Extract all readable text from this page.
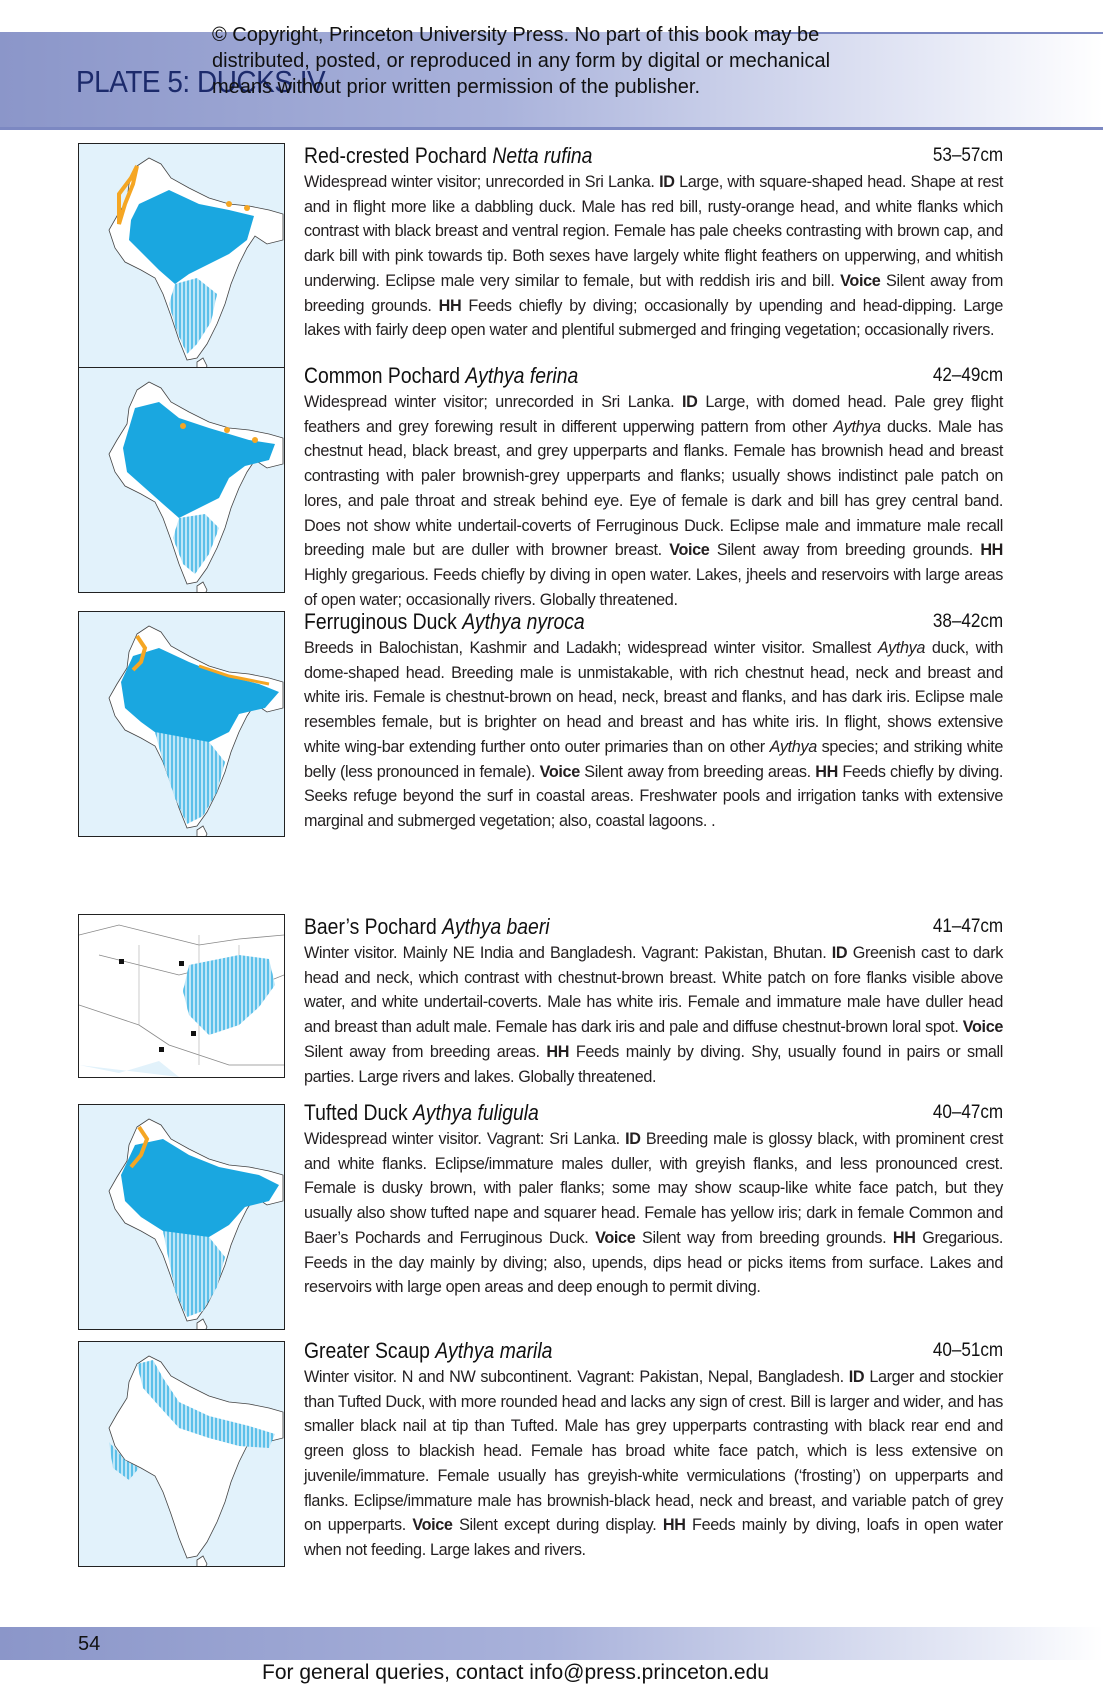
PLATE 5: DUCKS IV
© Copyright, Princeton University Press. No part of this book may be
distributed, posted, or reproduced in any form by digital or mechanical
means without prior written permission of the publisher.
Red-crested Pochard Netta rufina	53–57cm

Widespread winter visitor; unrecorded in Sri Lanka. ID Large, with square-shaped head. Shape at rest and in flight more like a dabbling duck. Male has red bill, rusty-orange head, and white flanks which contrast with black breast and ventral region. Female has pale cheeks contrasting with brown cap, and dark bill with pink towards tip. Both sexes have largely white flight feathers on upperwing, and whitish underwing. Eclipse male very similar to female, but with reddish iris and bill. Voice Silent away from breeding grounds. HH Feeds chiefly by diving; occasionally by upending and head-dipping. Large lakes with fairly deep open water and plentiful submerged and fringing vegetation; occasionally rivers.

Common Pochard Aythya ferina	42–49cm

Widespread winter visitor; unrecorded in Sri Lanka. ID Large, with domed head. Pale grey flight feathers and grey forewing result in different upperwing pattern from other Aythya ducks. Male has chestnut head, black breast, and grey upperparts and flanks. Female has brownish head and breast contrasting with paler brownish-grey upperparts and flanks; usually shows indistinct pale patch on lores, and pale throat and streak behind eye. Eye of female is dark and bill has grey central band. Does not show white undertail-coverts of Ferruginous Duck. Eclipse male and immature male recall breeding male but are duller with browner breast. Voice Silent away from breeding grounds. HH Highly gregarious. Feeds chiefly by diving in open water. Lakes, jheels and reservoirs with large areas of open water; occasionally rivers. Globally threatened.

Ferruginous Duck Aythya nyroca	38–42cm

Breeds in Balochistan, Kashmir and Ladakh; widespread winter visitor. Smallest Aythya duck, with dome-shaped head. Breeding male is unmistakable, with rich chestnut head, neck and breast and white iris. Female is chestnut-brown on head, neck, breast and flanks, and has dark iris. Eclipse male resembles female, but is brighter on head and breast and has white iris. In flight, shows extensive white wing-bar extending further onto outer primaries than on other Aythya species; and striking white belly (less pronounced in female). Voice Silent away from breeding areas. HH Feeds chiefly by diving. Seeks refuge beyond the surf in coastal areas. Freshwater pools and irrigation tanks with extensive marginal and submerged vegetation; also, coastal lagoons. .

Baer’s Pochard Aythya baeri	41–47cm

Winter visitor. Mainly NE India and Bangladesh. Vagrant: Pakistan, Bhutan. ID Greenish cast to dark head and neck, which contrast with chestnut-brown breast. White patch on fore flanks visible above water, and white undertail-coverts. Male has white iris. Female and immature male have duller head and breast than adult male. Female has dark iris and pale and diffuse chestnut-brown loral spot. Voice Silent away from breeding areas. HH Feeds mainly by diving. Shy, usually found in pairs or small parties. Large rivers and lakes. Globally threatened.

Tufted Duck Aythya fuligula	40–47cm

Widespread winter visitor. Vagrant: Sri Lanka. ID Breeding male is glossy black, with prominent crest and white flanks. Eclipse/immature males duller, with greyish flanks, and less pronounced crest. Female is dusky brown, with paler flanks; some may show scaup-like white face patch, but they usually also show tufted nape and squarer head. Female has yellow iris; dark in female Common and Baer’s Pochards and Ferruginous Duck. Voice Silent way from breeding grounds. HH Gregarious. Feeds in the day mainly by diving; also, upends, dips head or picks items from surface. Lakes and reservoirs with large open areas and deep enough to permit diving.

Greater Scaup Aythya marila	40–51cm

Winter visitor. N and NW subcontinent. Vagrant: Pakistan, Nepal, Bangladesh. ID Larger and stockier than Tufted Duck, with more rounded head and lacks any sign of crest. Bill is larger and wider, and has smaller black nail at tip than Tufted. Male has grey upperparts contrasting with black rear end and green gloss to blackish head. Female has broad white face patch, which is less extensive on juvenile/immature. Female usually has greyish-white vermiculations (‘frosting’) on upperparts and flanks. Eclipse/immature male has brownish-black head, neck and breast, and variable patch of grey on upperparts. Voice Silent except during display. HH Feeds mainly by diving, loafs in open water when not feeding. Large lakes and rivers.

54
For general queries, contact info@press.princeton.edu
